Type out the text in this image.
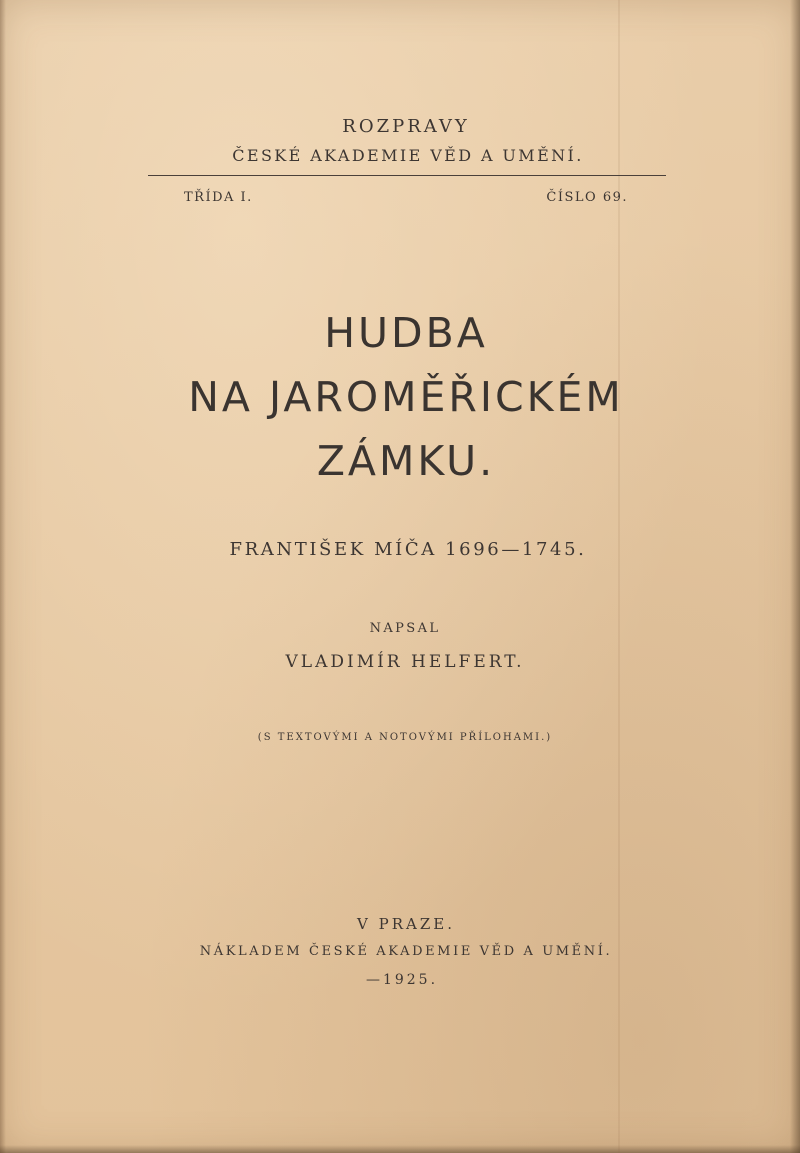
ROZPRAVY
ČESKÉ AKADEMIE VĚD A UMĚNÍ.
TŘÍDA I.	ČÍSLO 69.
HUDBA
NA JAROMĚŘICKÉM
ZÁMKU.
FRANTIŠEK MÍČA 1696—1745.
NAPSAL
VLADIMÍR HELFERT.
(S TEXTOVÝMI A NOTOVÝMI PŘÍLOHAMI.)
V PRAZE.
NÁKLADEM ČESKÉ AKADEMIE VĚD A UMĚNÍ.
—1925.
